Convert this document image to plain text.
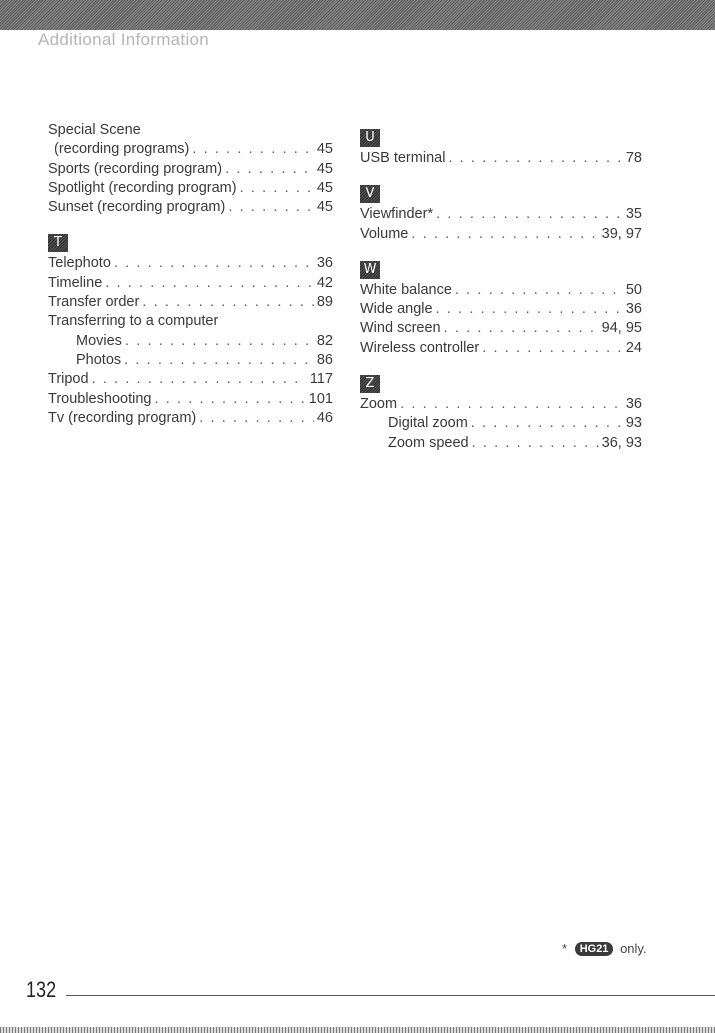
Additional Information
Special Scene
(recording programs) . . .	45
Sports (recording program) . . .	45
Spotlight (recording program) . . .	45
Sunset (recording program) . . .	45
T
Telephoto . . .	36
Timeline . . .	42
Transfer order . . .	89
Transferring to a computer
Movies . . .	82
Photos . . .	86
Tripod . . .	117
Troubleshooting . . .	101
Tv (recording program) . . .	46
U
USB terminal . . .	78
V
Viewfinder* . . .	35
Volume . . .	39, 97
W
White balance . . .	50
Wide angle . . .	36
Wind screen . . .	94, 95
Wireless controller . . .	24
Z
Zoom . . .	36
Digital zoom . . .	93
Zoom speed . . .	36, 93
* HG21 only.
132
